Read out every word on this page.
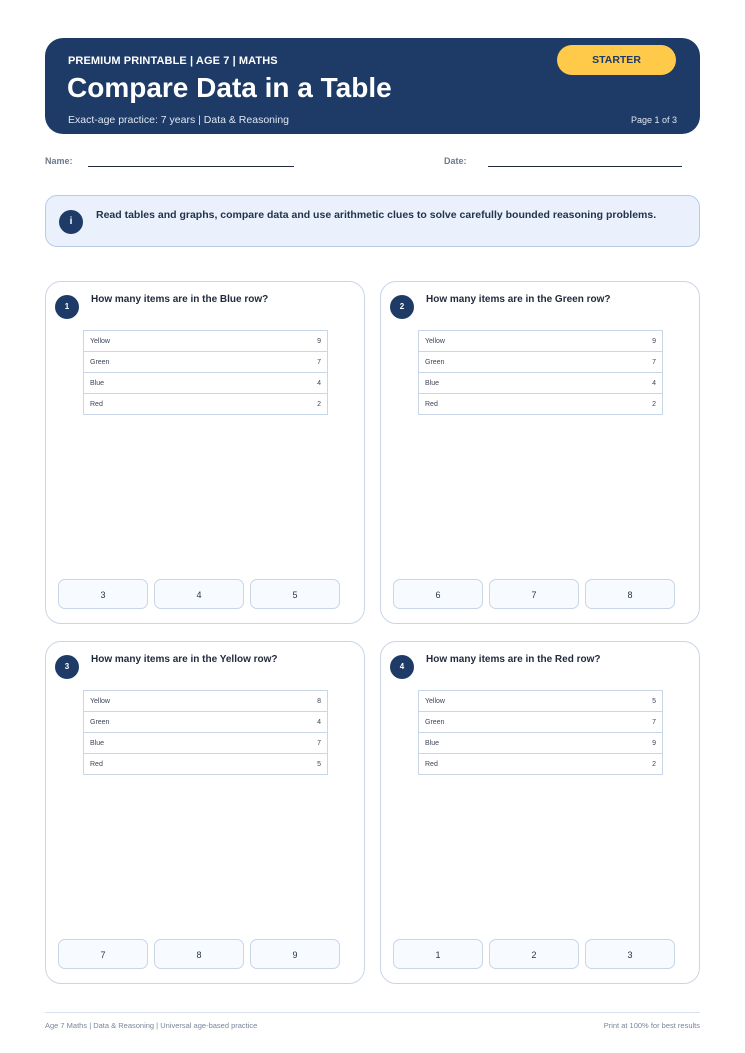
PREMIUM PRINTABLE | AGE 7 | MATHS
Compare Data in a Table
Exact-age practice: 7 years | Data & Reasoning	Page 1 of 3
STARTER
Name:	Date:
i
Read tables and graphs, compare data and use arithmetic clues to solve carefully bounded reasoning problems.
1
How many items are in the Blue row?
Yellow	9
Green	7
Blue	4
Red	2
3	4	5
2
How many items are in the Green row?
Yellow	9
Green	7
Blue	4
Red	2
6	7	8
3
How many items are in the Yellow row?
Yellow	8
Green	4
Blue	7
Red	5
7	8	9
4
How many items are in the Red row?
Yellow	5
Green	7
Blue	9
Red	2
1	2	3
Age 7 Maths | Data & Reasoning | Universal age-based practice	Print at 100% for best results
